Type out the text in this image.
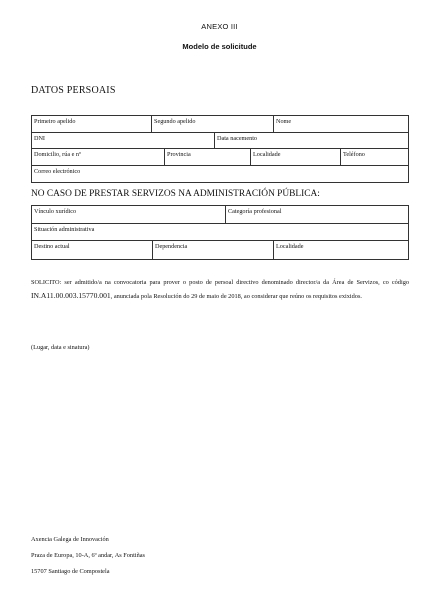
ANEXO III
Modelo de solicitude
DATOS PERSOAIS
Primeiro apelido	Segundo apelido	Nome
DNI	Data nacemento
Domicilio, rúa e nº	Provincia	Localidade	Teléfono
Correo electrónico
NO CASO DE PRESTAR SERVIZOS NA ADMINISTRACIÓN PÚBLICA:
Vínculo xurídico	Categoría profesional
Situación administrativa
Destino actual	Dependencia	Localidade
SOLICITO: ser admitido/a na convocatoria para prover o posto de persoal directivo denominado director/a da Área de Servizos, co código IN.A11.00.003.15770.001, anunciada pola Resolución do 29 de maio de 2018, ao considerar que reúno os requisitos exixidos.
(Lugar, data e sinatura)
Axencia Galega de Innovación
Praza de Europa, 10-A, 6º andar, As Fontiñas
15707 Santiago de Compostela
